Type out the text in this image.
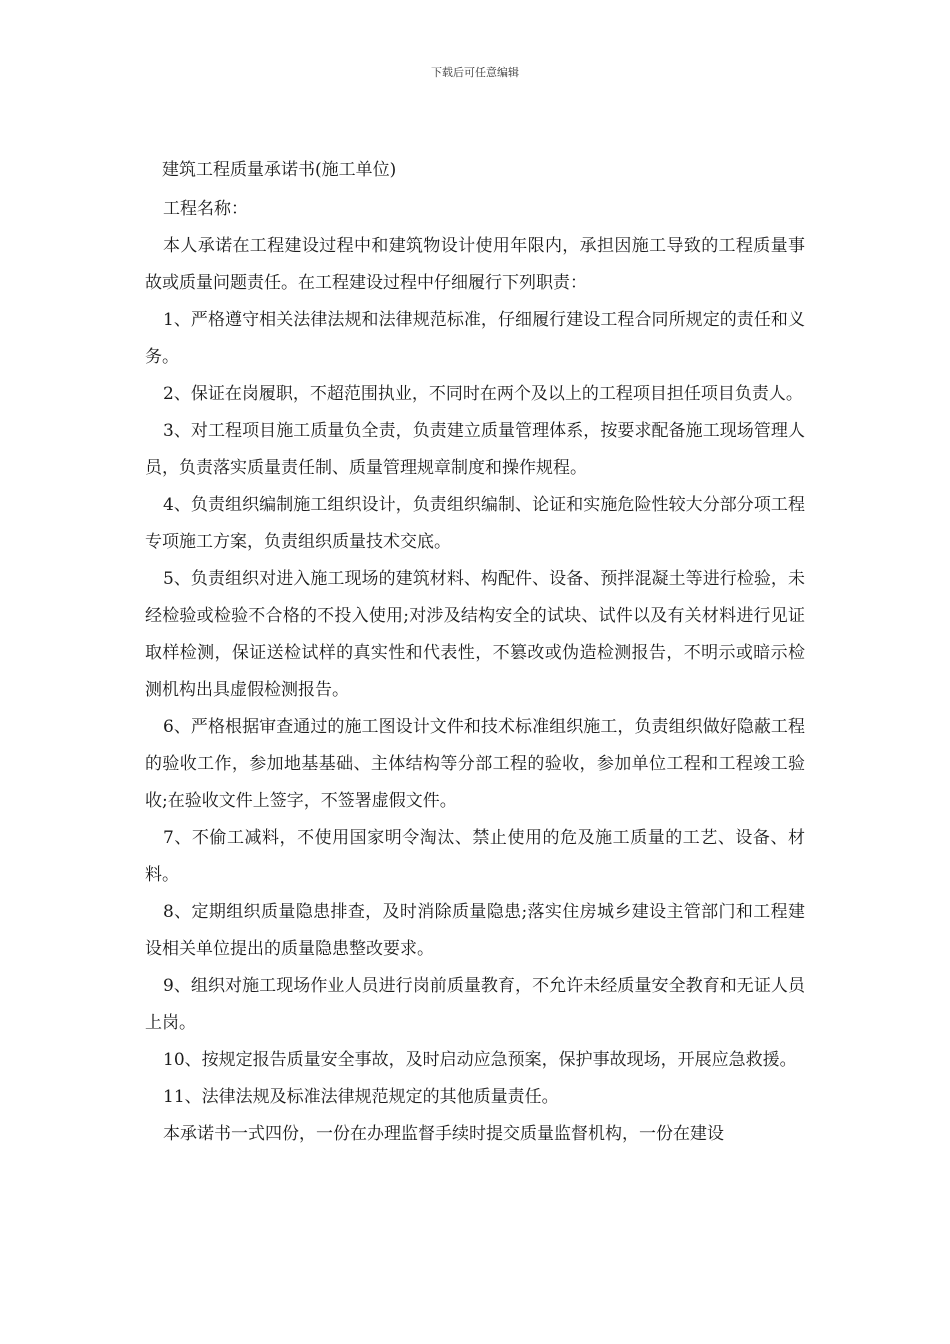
下载后可任意编辑
建筑工程质量承诺书(施工单位)

工程名称：

本人承诺在工程建设过程中和建筑物设计使用年限内，承担因施工导致的工程质量事故或质量问题责任。在工程建设过程中仔细履行下列职责：

1、严格遵守相关法律法规和法律规范标准，仔细履行建设工程合同所规定的责任和义务。

2、保证在岗履职，不超范围执业，不同时在两个及以上的工程项目担任项目负责人。

3、对工程项目施工质量负全责，负责建立质量管理体系，按要求配备施工现场管理人员，负责落实质量责任制、质量管理规章制度和操作规程。

4、负责组织编制施工组织设计，负责组织编制、论证和实施危险性较大分部分项工程专项施工方案，负责组织质量技术交底。

5、负责组织对进入施工现场的建筑材料、构配件、设备、预拌混凝土等进行检验，未经检验或检验不合格的不投入使用;对涉及结构安全的试块、试件以及有关材料进行见证取样检测，保证送检试样的真实性和代表性，不篡改或伪造检测报告，不明示或暗示检测机构出具虚假检测报告。

6、严格根据审查通过的施工图设计文件和技术标准组织施工，负责组织做好隐蔽工程的验收工作，参加地基基础、主体结构等分部工程的验收，参加单位工程和工程竣工验收;在验收文件上签字，不签署虚假文件。

7、不偷工减料，不使用国家明令淘汰、禁止使用的危及施工质量的工艺、设备、材料。

8、定期组织质量隐患排查，及时消除质量隐患;落实住房城乡建设主管部门和工程建设相关单位提出的质量隐患整改要求。

9、组织对施工现场作业人员进行岗前质量教育，不允许未经质量安全教育和无证人员上岗。

10、按规定报告质量安全事故，及时启动应急预案，保护事故现场，开展应急救援。

11、法律法规及标准法律规范规定的其他质量责任。

本承诺书一式四份，一份在办理监督手续时提交质量监督机构，一份在建设
